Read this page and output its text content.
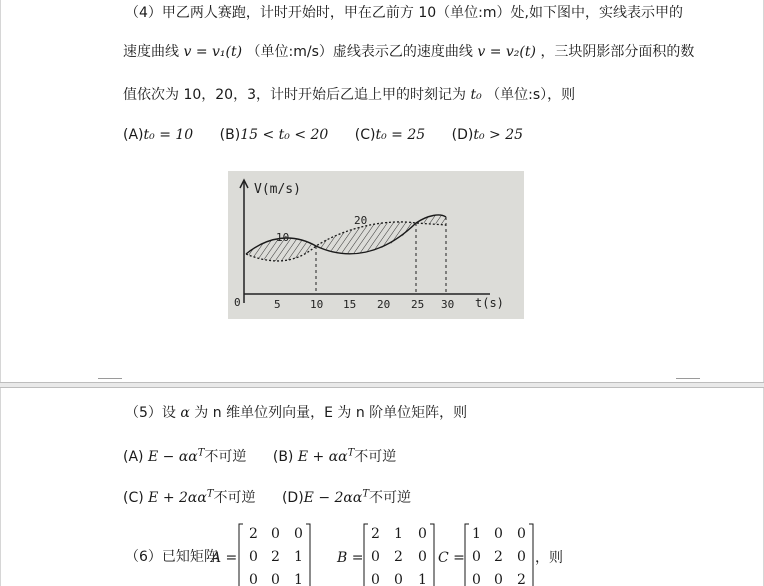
（4）甲乙两人赛跑，计时开始时，甲在乙前方 10（单位:m）处,如下图中，实线表示甲的
速度曲线 v = v₁(t) （单位:m/s）虚线表示乙的速度曲线 v = v₂(t) ，三块阴影部分面积的数
值依次为 10，20，3，计时开始后乙追上甲的时刻记为 t₀ （单位:s），则
(A)t₀ = 10 (B)15 < t₀ < 20 (C)t₀ = 25 (D)t₀ > 25
V(m/s)
10
20
0	5	10 15 20 25 30 t(s)
（5）设 α 为 n 维单位列向量，E 为 n 阶单位矩阵，则
(A) $E - \alpha\alpha^T$不可逆 (B) $E + \alpha\alpha^T$不可逆
(C) $E + 2\alpha\alpha^T$不可逆 $(D)E - 2\alpha\alpha^T$不可逆
（6）已知矩阵
A =
2 0 0
0 2 1
0 0 1
B =
2 1 0
0 2 0
0 0 1
C =
1 0 0
0 2 0
0 0 2
，则
